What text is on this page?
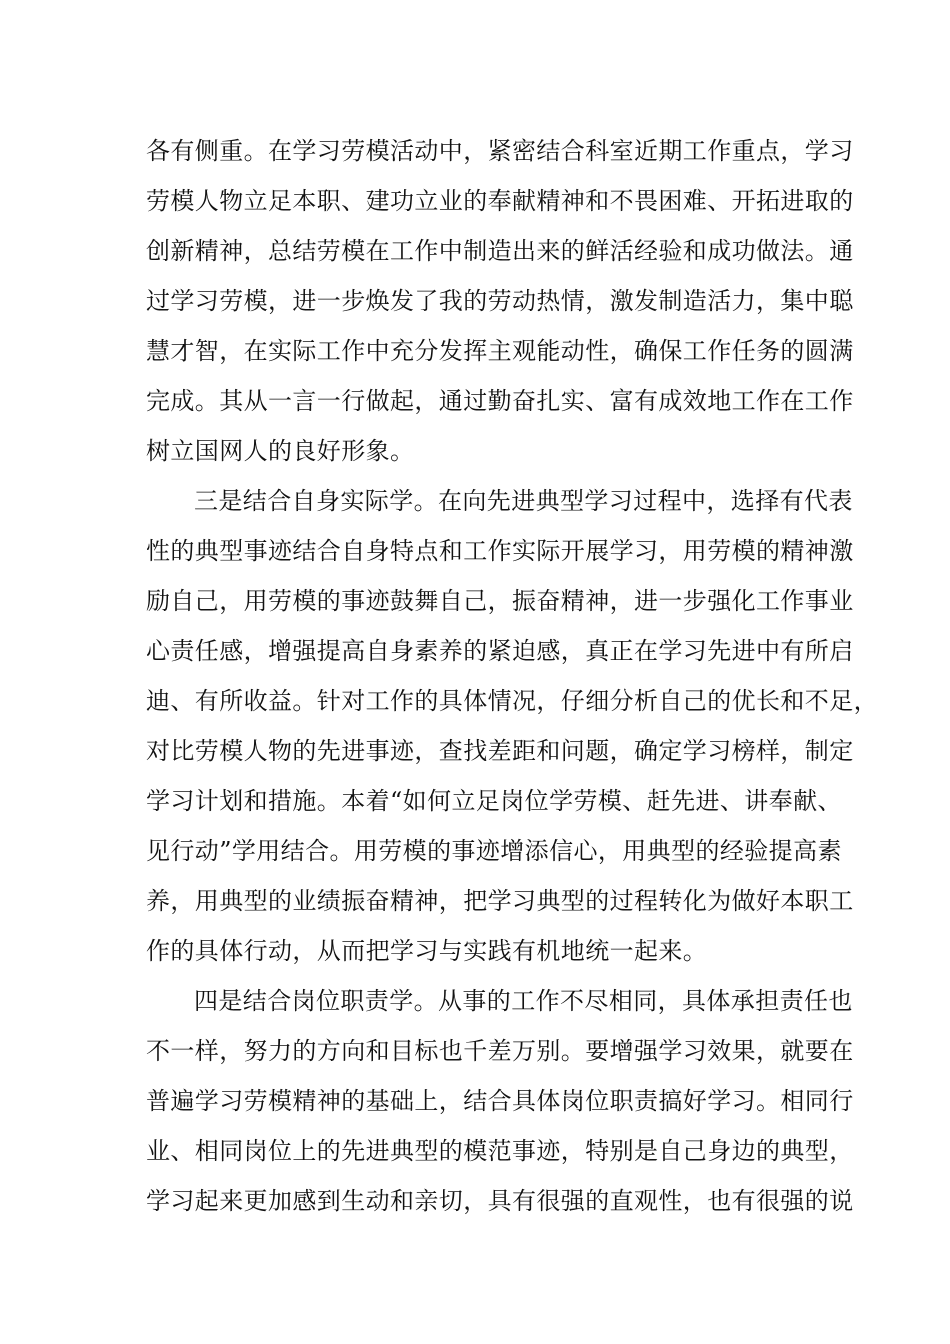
各有侧重。在学习劳模活动中，紧密结合科室近期工作重点，学习
劳模人物立足本职、建功立业的奉献精神和不畏困难、开拓进取的
创新精神，总结劳模在工作中制造出来的鲜活经验和成功做法。通
过学习劳模，进一步焕发了我的劳动热情，激发制造活力，集中聪
慧才智，在实际工作中充分发挥主观能动性，确保工作任务的圆满
完成。其从一言一行做起，通过勤奋扎实、富有成效地工作在工作
树立国网人的良好形象。
三是结合自身实际学。在向先进典型学习过程中，选择有代表
性的典型事迹结合自身特点和工作实际开展学习，用劳模的精神激
励自己，用劳模的事迹鼓舞自己，振奋精神，进一步强化工作事业
心责任感，增强提高自身素养的紧迫感，真正在学习先进中有所启
迪、有所收益。针对工作的具体情况，仔细分析自己的优长和不足，
对比劳模人物的先进事迹，查找差距和问题，确定学习榜样，制定
学习计划和措施。本着“如何立足岗位学劳模、赶先进、讲奉献、
见行动”学用结合。用劳模的事迹增添信心，用典型的经验提高素
养，用典型的业绩振奋精神，把学习典型的过程转化为做好本职工
作的具体行动，从而把学习与实践有机地统一起来。
四是结合岗位职责学。从事的工作不尽相同，具体承担责任也
不一样，努力的方向和目标也千差万别。要增强学习效果，就要在
普遍学习劳模精神的基础上，结合具体岗位职责搞好学习。相同行
业、相同岗位上的先进典型的模范事迹，特别是自己身边的典型，
学习起来更加感到生动和亲切，具有很强的直观性，也有很强的说
